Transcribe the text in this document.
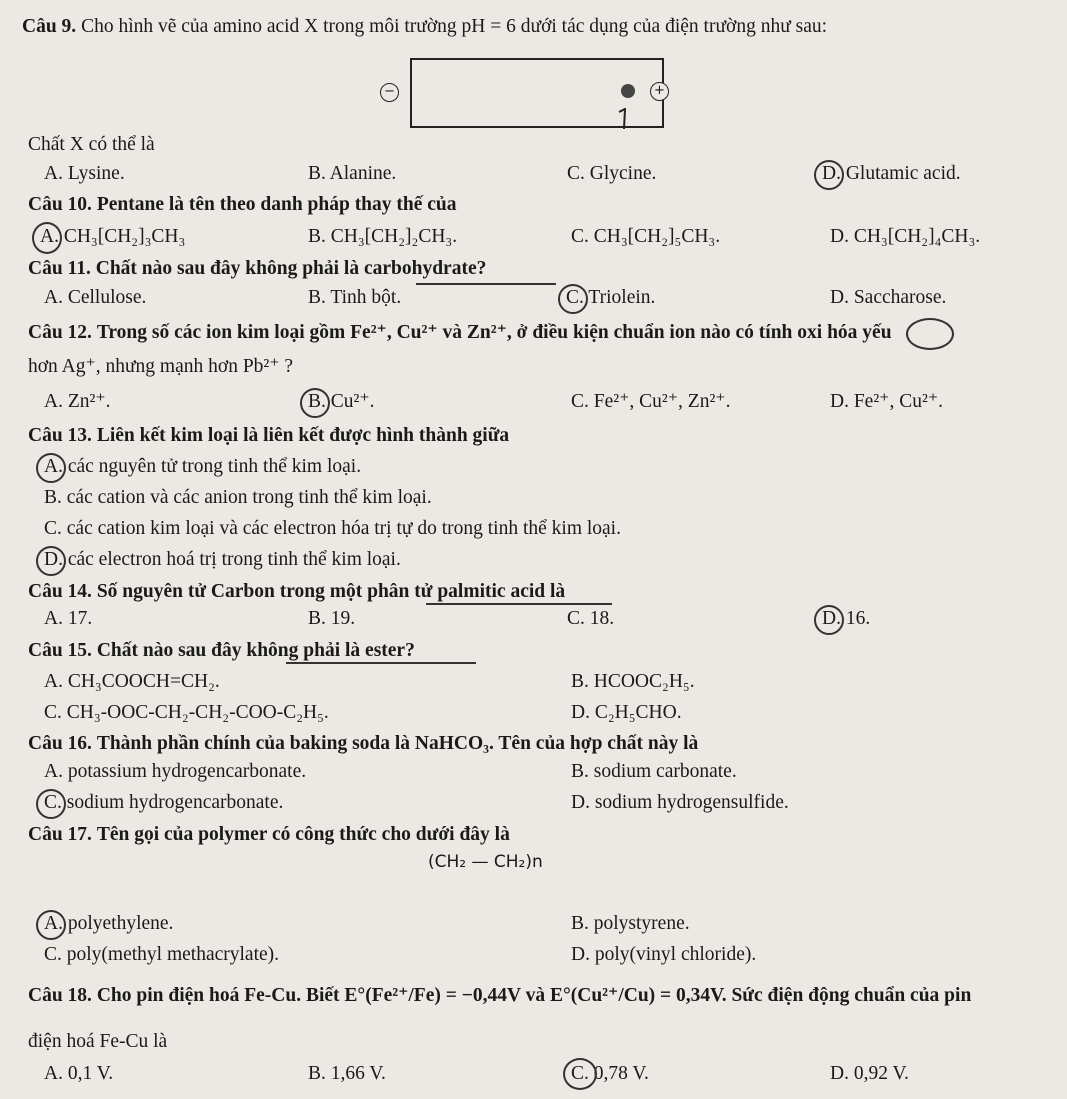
Câu 9. Cho hình vẽ của amino acid X trong môi trường pH = 6 dưới tác dụng của điện trường như sau:
−	+
Chất X có thể là
A. Lysine.	B. Alanine.	C. Glycine.	D. Glutamic acid.
Câu 10. Pentane là tên theo danh pháp thay thế của
A. CH₃[CH₂]₃CH₃	B. CH₃[CH₂]₂CH₃.	C. CH₃[CH₂]₅CH₃.	D. CH₃[CH₂]₄CH₃.
Câu 11. Chất nào sau đây không phải là carbohydrate?
A. Cellulose.	B. Tinh bột.	C. Triolein.	D. Saccharose.
Câu 12. Trong số các ion kim loại gồm Fe²⁺, Cu²⁺ và Zn²⁺, ở điều kiện chuẩn ion nào có tính oxi hóa yếu
hơn Ag⁺, nhưng mạnh hơn Pb²⁺ ?
A. Zn²⁺.	B. Cu²⁺.	C. Fe²⁺, Cu²⁺, Zn²⁺.	D. Fe²⁺, Cu²⁺.
Câu 13. Liên kết kim loại là liên kết được hình thành giữa
A. các nguyên tử trong tinh thể kim loại.
B. các cation và các anion trong tinh thể kim loại.
C. các cation kim loại và các electron hóa trị tự do trong tinh thể kim loại.
D. các electron hoá trị trong tinh thể kim loại.
Câu 14. Số nguyên tử Carbon trong một phân tử palmitic acid là
A. 17.	B. 19.	C. 18.	D. 16.
Câu 15. Chất nào sau đây không phải là ester?
A. CH₃COOCH=CH₂.	B. HCOOC₂H₅.
C. CH₃-OOC-CH₂-CH₂-COO-C₂H₅.	D. C₂H₅CHO.
Câu 16. Thành phần chính của baking soda là NaHCO₃. Tên của hợp chất này là
A. potassium hydrogencarbonate.	B. sodium carbonate.
C. sodium hydrogencarbonate.	D. sodium hydrogensulfide.
Câu 17. Tên gọi của polymer có công thức cho dưới đây là
(CH₂ — CH₂)n
A. polyethylene.	B. polystyrene.
C. poly(methyl methacrylate).	D. poly(vinyl chloride).
Câu 18. Cho pin điện hoá Fe-Cu. Biết E°(Fe²⁺/Fe) = −0,44V và E°(Cu²⁺/Cu) = 0,34V. Sức điện động chuẩn của pin
điện hoá Fe-Cu là
A. 0,1 V.	B. 1,66 V.	C. 0,78 V.	D. 0,92 V.
